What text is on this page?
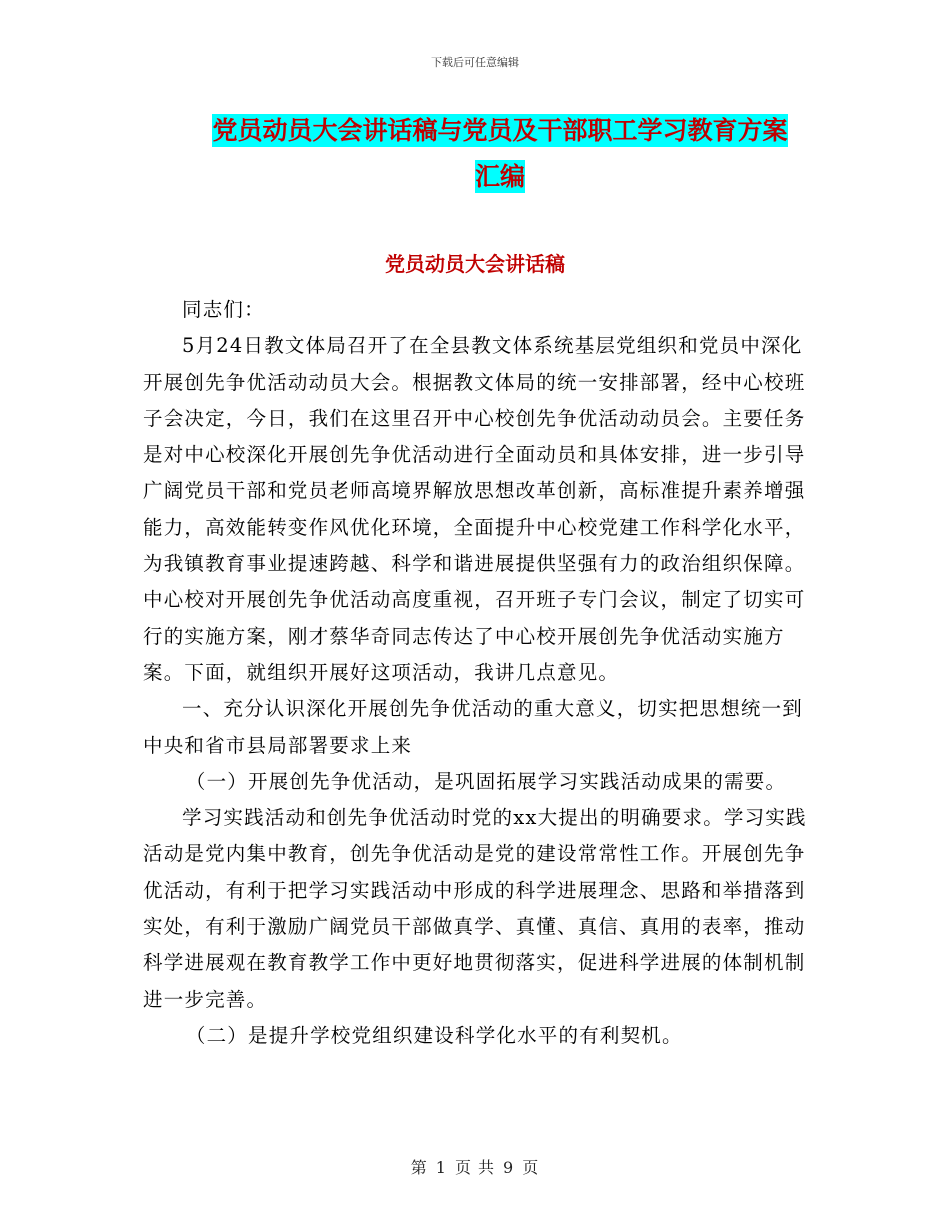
下载后可任意编辑
党员动员大会讲话稿与党员及干部职工学习教育方案
汇编
党员动员大会讲话稿

同志们：

5月24日教文体局召开了在全县教文体系统基层党组织和党员中深化开展创先争优活动动员大会。根据教文体局的统一安排部署，经中心校班子会决定，今日，我们在这里召开中心校创先争优活动动员会。主要任务是对中心校深化开展创先争优活动进行全面动员和具体安排，进一步引导广阔党员干部和党员老师高境界解放思想改革创新，高标准提升素养增强能力，高效能转变作风优化环境，全面提升中心校党建工作科学化水平，为我镇教育事业提速跨越、科学和谐进展提供坚强有力的政治组织保障。中心校对开展创先争优活动高度重视，召开班子专门会议，制定了切实可行的实施方案，刚才蔡华奇同志传达了中心校开展创先争优活动实施方案。下面，就组织开展好这项活动，我讲几点意见。

一、充分认识深化开展创先争优活动的重大意义，切实把思想统一到中央和省市县局部署要求上来

（一）开展创先争优活动，是巩固拓展学习实践活动成果的需要。

学习实践活动和创先争优活动时党的xx大提出的明确要求。学习实践活动是党内集中教育，创先争优活动是党的建设常常性工作。开展创先争优活动，有利于把学习实践活动中形成的科学进展理念、思路和举措落到实处，有利于激励广阔党员干部做真学、真懂、真信、真用的表率，推动科学进展观在教育教学工作中更好地贯彻落实，促进科学进展的体制机制进一步完善。

（二）是提升学校党组织建设科学化水平的有利契机。

第 1 页 共 9 页
